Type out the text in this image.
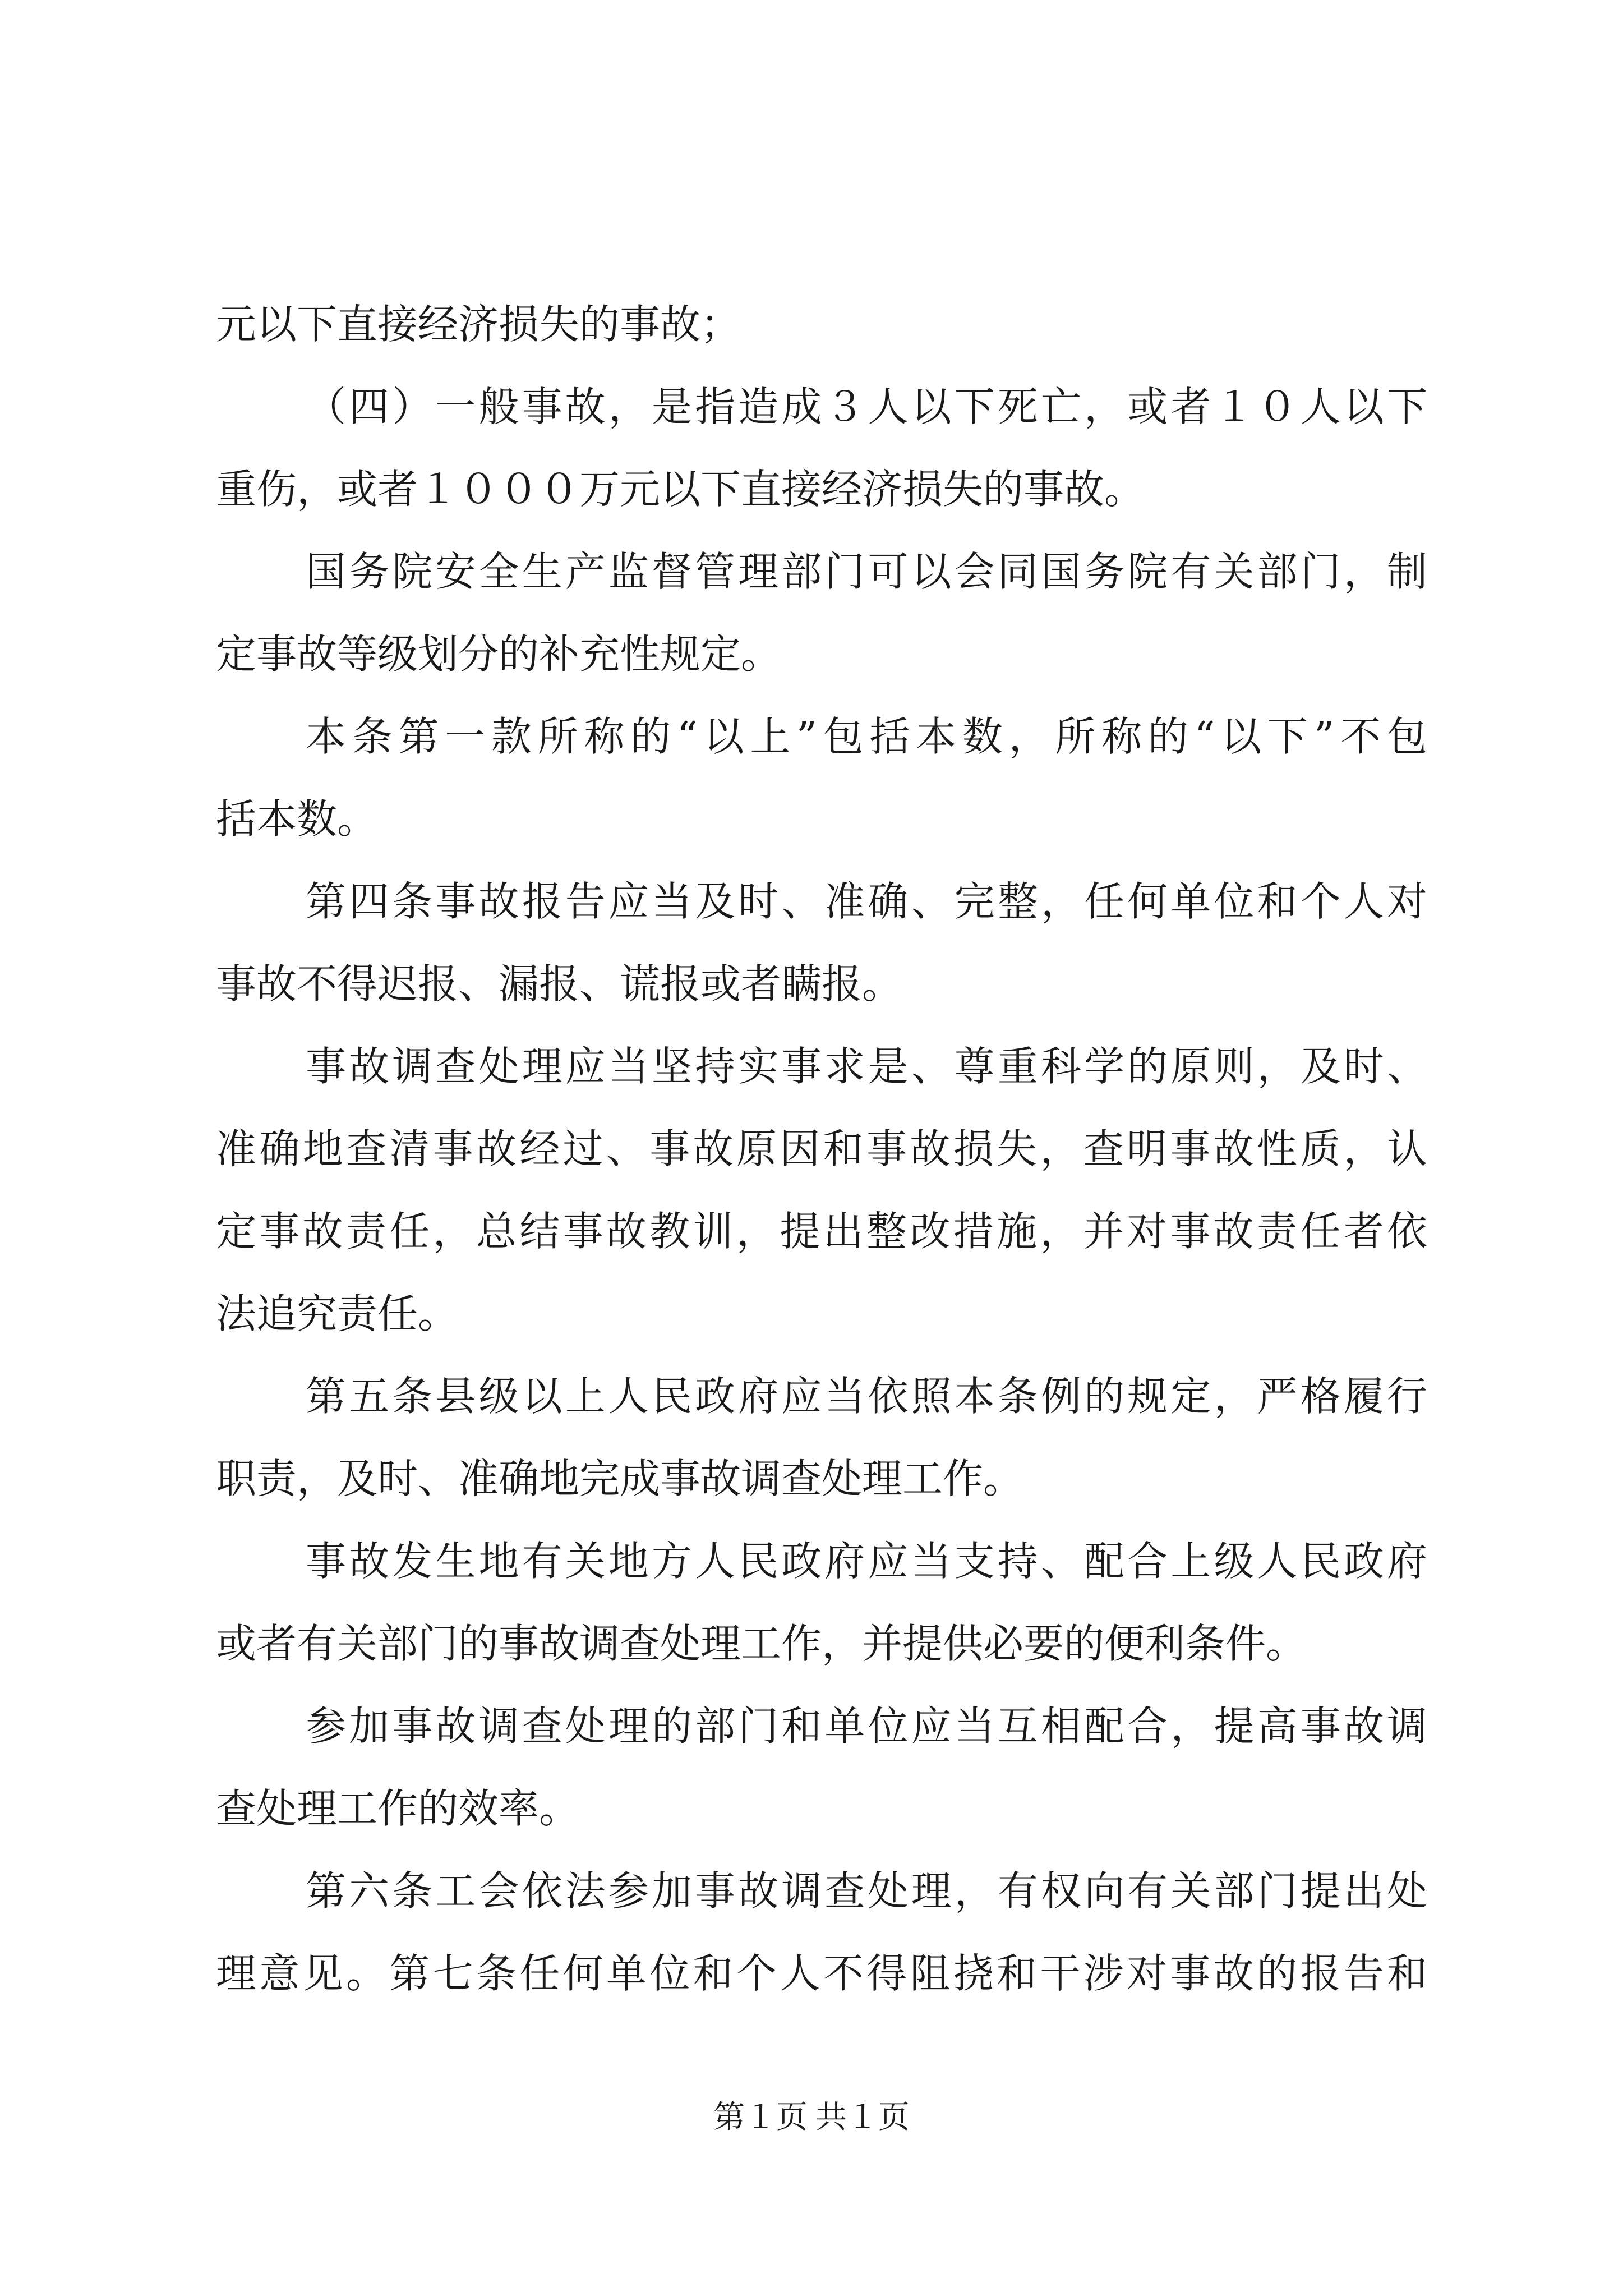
元以下直接经济损失的事故；
（四）一般事故，是指造成３人以下死亡，或者１０人以下
重伤，或者１０００万元以下直接经济损失的事故。
国务院安全生产监督管理部门可以会同国务院有关部门，制
定事故等级划分的补充性规定。
本条第一款所称的“以上”包括本数，所称的“以下”不包
括本数。
第四条事故报告应当及时、准确、完整，任何单位和个人对
事故不得迟报、漏报、谎报或者瞒报。
事故调查处理应当坚持实事求是、尊重科学的原则，及时、
准确地查清事故经过、事故原因和事故损失，查明事故性质，认
定事故责任，总结事故教训，提出整改措施，并对事故责任者依
法追究责任。
第五条县级以上人民政府应当依照本条例的规定，严格履行
职责，及时、准确地完成事故调查处理工作。
事故发生地有关地方人民政府应当支持、配合上级人民政府
或者有关部门的事故调查处理工作，并提供必要的便利条件。
参加事故调查处理的部门和单位应当互相配合，提高事故调
查处理工作的效率。
第六条工会依法参加事故调查处理，有权向有关部门提出处
理意见。第七条任何单位和个人不得阻挠和干涉对事故的报告和
第１页 共１页
